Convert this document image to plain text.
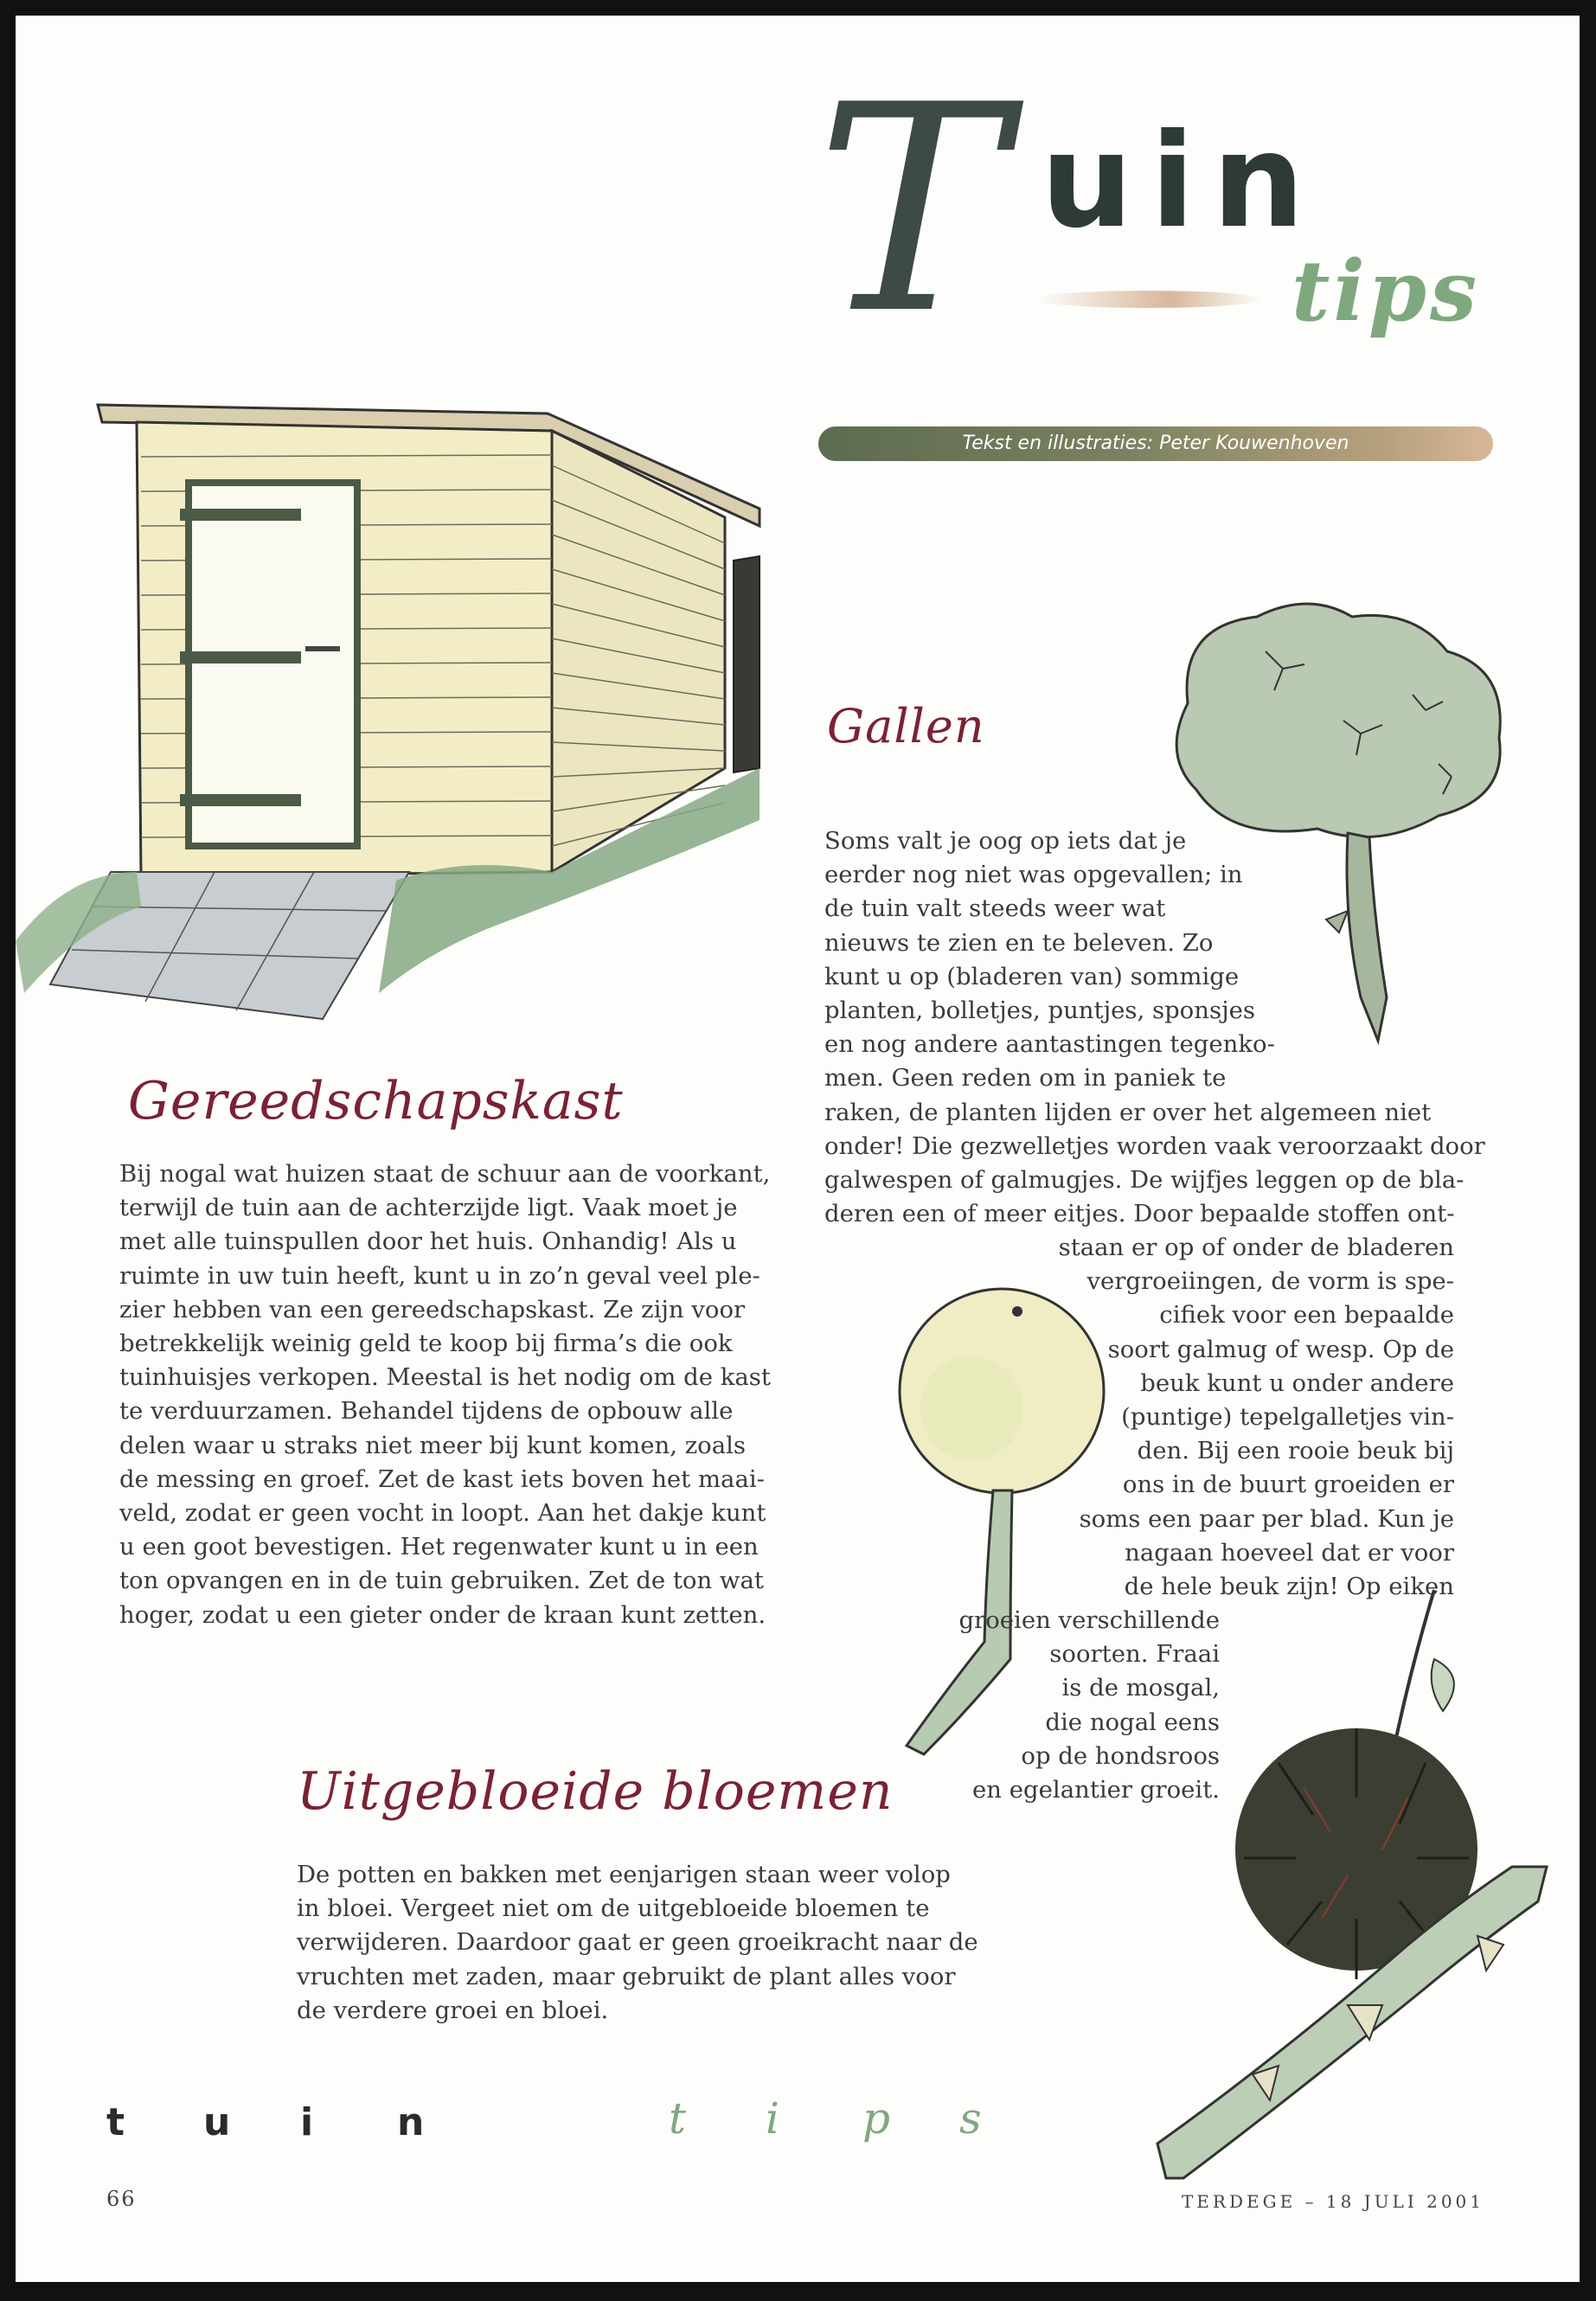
T uin
tips
Tekst en illustraties: Peter Kouwenhoven
Gallen
Soms valt je oog op iets dat je
eerder nog niet was opgevallen; in
de tuin valt steeds weer wat
nieuws te zien en te beleven. Zo
kunt u op (bladeren van) sommige
planten, bolletjes, puntjes, sponsjes
en nog andere aantastingen tegenko-
men. Geen reden om in paniek te
raken, de planten lijden er over het algemeen niet
onder! Die gezwelletjes worden vaak veroorzaakt door
galwespen of galmugjes. De wijfjes leggen op de bla-
deren een of meer eitjes. Door bepaalde stoffen ont-
staan er op of onder de bladeren
vergroeiingen, de vorm is spe-
cifiek voor een bepaalde
soort galmug of wesp. Op de
beuk kunt u onder andere
(puntige) tepelgalletjes vin-
den. Bij een rooie beuk bij
ons in de buurt groeiden er
soms een paar per blad. Kun je
nagaan hoeveel dat er voor
de hele beuk zijn! Op eiken
groeien verschillende
soorten. Fraai
is de mosgal,
die nogal eens
op de hondsroos
en egelantier groeit.
Gereedschapskast
Bij nogal wat huizen staat de schuur aan de voorkant,
terwijl de tuin aan de achterzijde ligt. Vaak moet je
met alle tuinspullen door het huis. Onhandig! Als u
ruimte in uw tuin heeft, kunt u in zo’n geval veel ple-
zier hebben van een gereedschapskast. Ze zijn voor
betrekkelijk weinig geld te koop bij firma’s die ook
tuinhuisjes verkopen. Meestal is het nodig om de kast
te verduurzamen. Behandel tijdens de opbouw alle
delen waar u straks niet meer bij kunt komen, zoals
de messing en groef. Zet de kast iets boven het maai-
veld, zodat er geen vocht in loopt. Aan het dakje kunt
u een goot bevestigen. Het regenwater kunt u in een
ton opvangen en in de tuin gebruiken. Zet de ton wat
hoger, zodat u een gieter onder de kraan kunt zetten.
Uitgebloeide bloemen
De potten en bakken met eenjarigen staan weer volop
in bloei. Vergeet niet om de uitgebloeide bloemen te
verwijderen. Daardoor gaat er geen groeikracht naar de
vruchten met zaden, maar gebruikt de plant alles voor
de verdere groei en bloei.
t u i n	t i p s
66	TERDEGE – 18 JULI 2001
